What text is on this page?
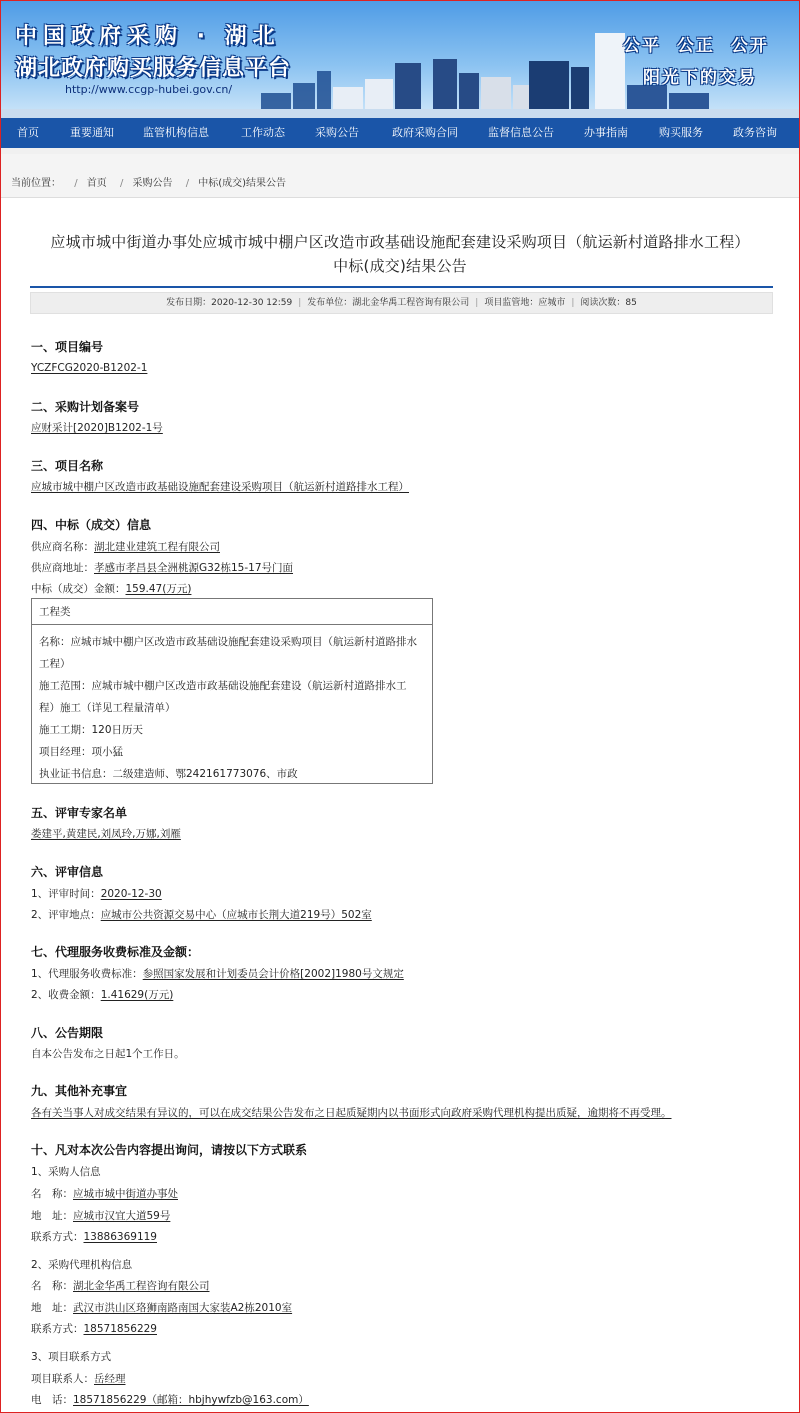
中国政府采购 · 湖北
湖北政府购买服务信息平台
http://www.ccgp-hubei.gov.cn/
公平 公正 公开
阳光下的交易
首页	重要通知	监管机构信息	工作动态	采购公告	政府采购合同	监督信息公告	办事指南	购买服务	政务咨询
当前位置： / 首页 / 采购公告 / 中标(成交)结果公告
应城市城中街道办事处应城市城中棚户区改造市政基础设施配套建设采购项目（航运新村道路排水工程）
中标(成交)结果公告
发布日期：2020-12-30 12:59 | 发布单位：湖北金华禹工程咨询有限公司 | 项目监管地：应城市 | 阅读次数：85
一、项目编号
YCZFCG2020-B1202-1
二、采购计划备案号
应财采计[2020]B1202-1号
三、项目名称
应城市城中棚户区改造市政基础设施配套建设采购项目（航运新村道路排水工程）
四、中标（成交）信息
供应商名称：湖北建业建筑工程有限公司
供应商地址：孝感市孝昌县全洲桃源G32栋15-17号门面
中标（成交）金额：159.47(万元)
工程类
名称：应城市城中棚户区改造市政基础设施配套建设采购项目（航运新村道路排水
工程）
施工范围：应城市城中棚户区改造市政基础设施配套建设（航运新村道路排水工
程）施工（详见工程量清单）
施工工期：120日历天
项目经理：项小猛
执业证书信息：二级建造师、鄂242161773076、市政
五、评审专家名单
娄建平,黄建民,刘凤玲,万娜,刘雁
六、评审信息
1、评审时间：2020-12-30
2、评审地点：应城市公共资源交易中心（应城市长荆大道219号）502室
七、代理服务收费标准及金额：
1、代理服务收费标准：参照国家发展和计划委员会计价格[2002]1980号文规定
2、收费金额：1.41629(万元)
八、公告期限
自本公告发布之日起1个工作日。
九、其他补充事宜
各有关当事人对成交结果有异议的，可以在成交结果公告发布之日起质疑期内以书面形式向政府采购代理机构提出质疑，逾期将不再受理。
十、凡对本次公告内容提出询问，请按以下方式联系
1、采购人信息
名　称：应城市城中街道办事处
地　址：应城市汉宜大道59号
联系方式：13886369119
2、采购代理机构信息
名　称：湖北金华禹工程咨询有限公司
地　址：武汉市洪山区珞狮南路南国大家装A2栋2010室
联系方式：18571856229
3、项目联系方式
项目联系人：岳经理
电　话：18571856229（邮箱：hbjhywfzb@163.com）
